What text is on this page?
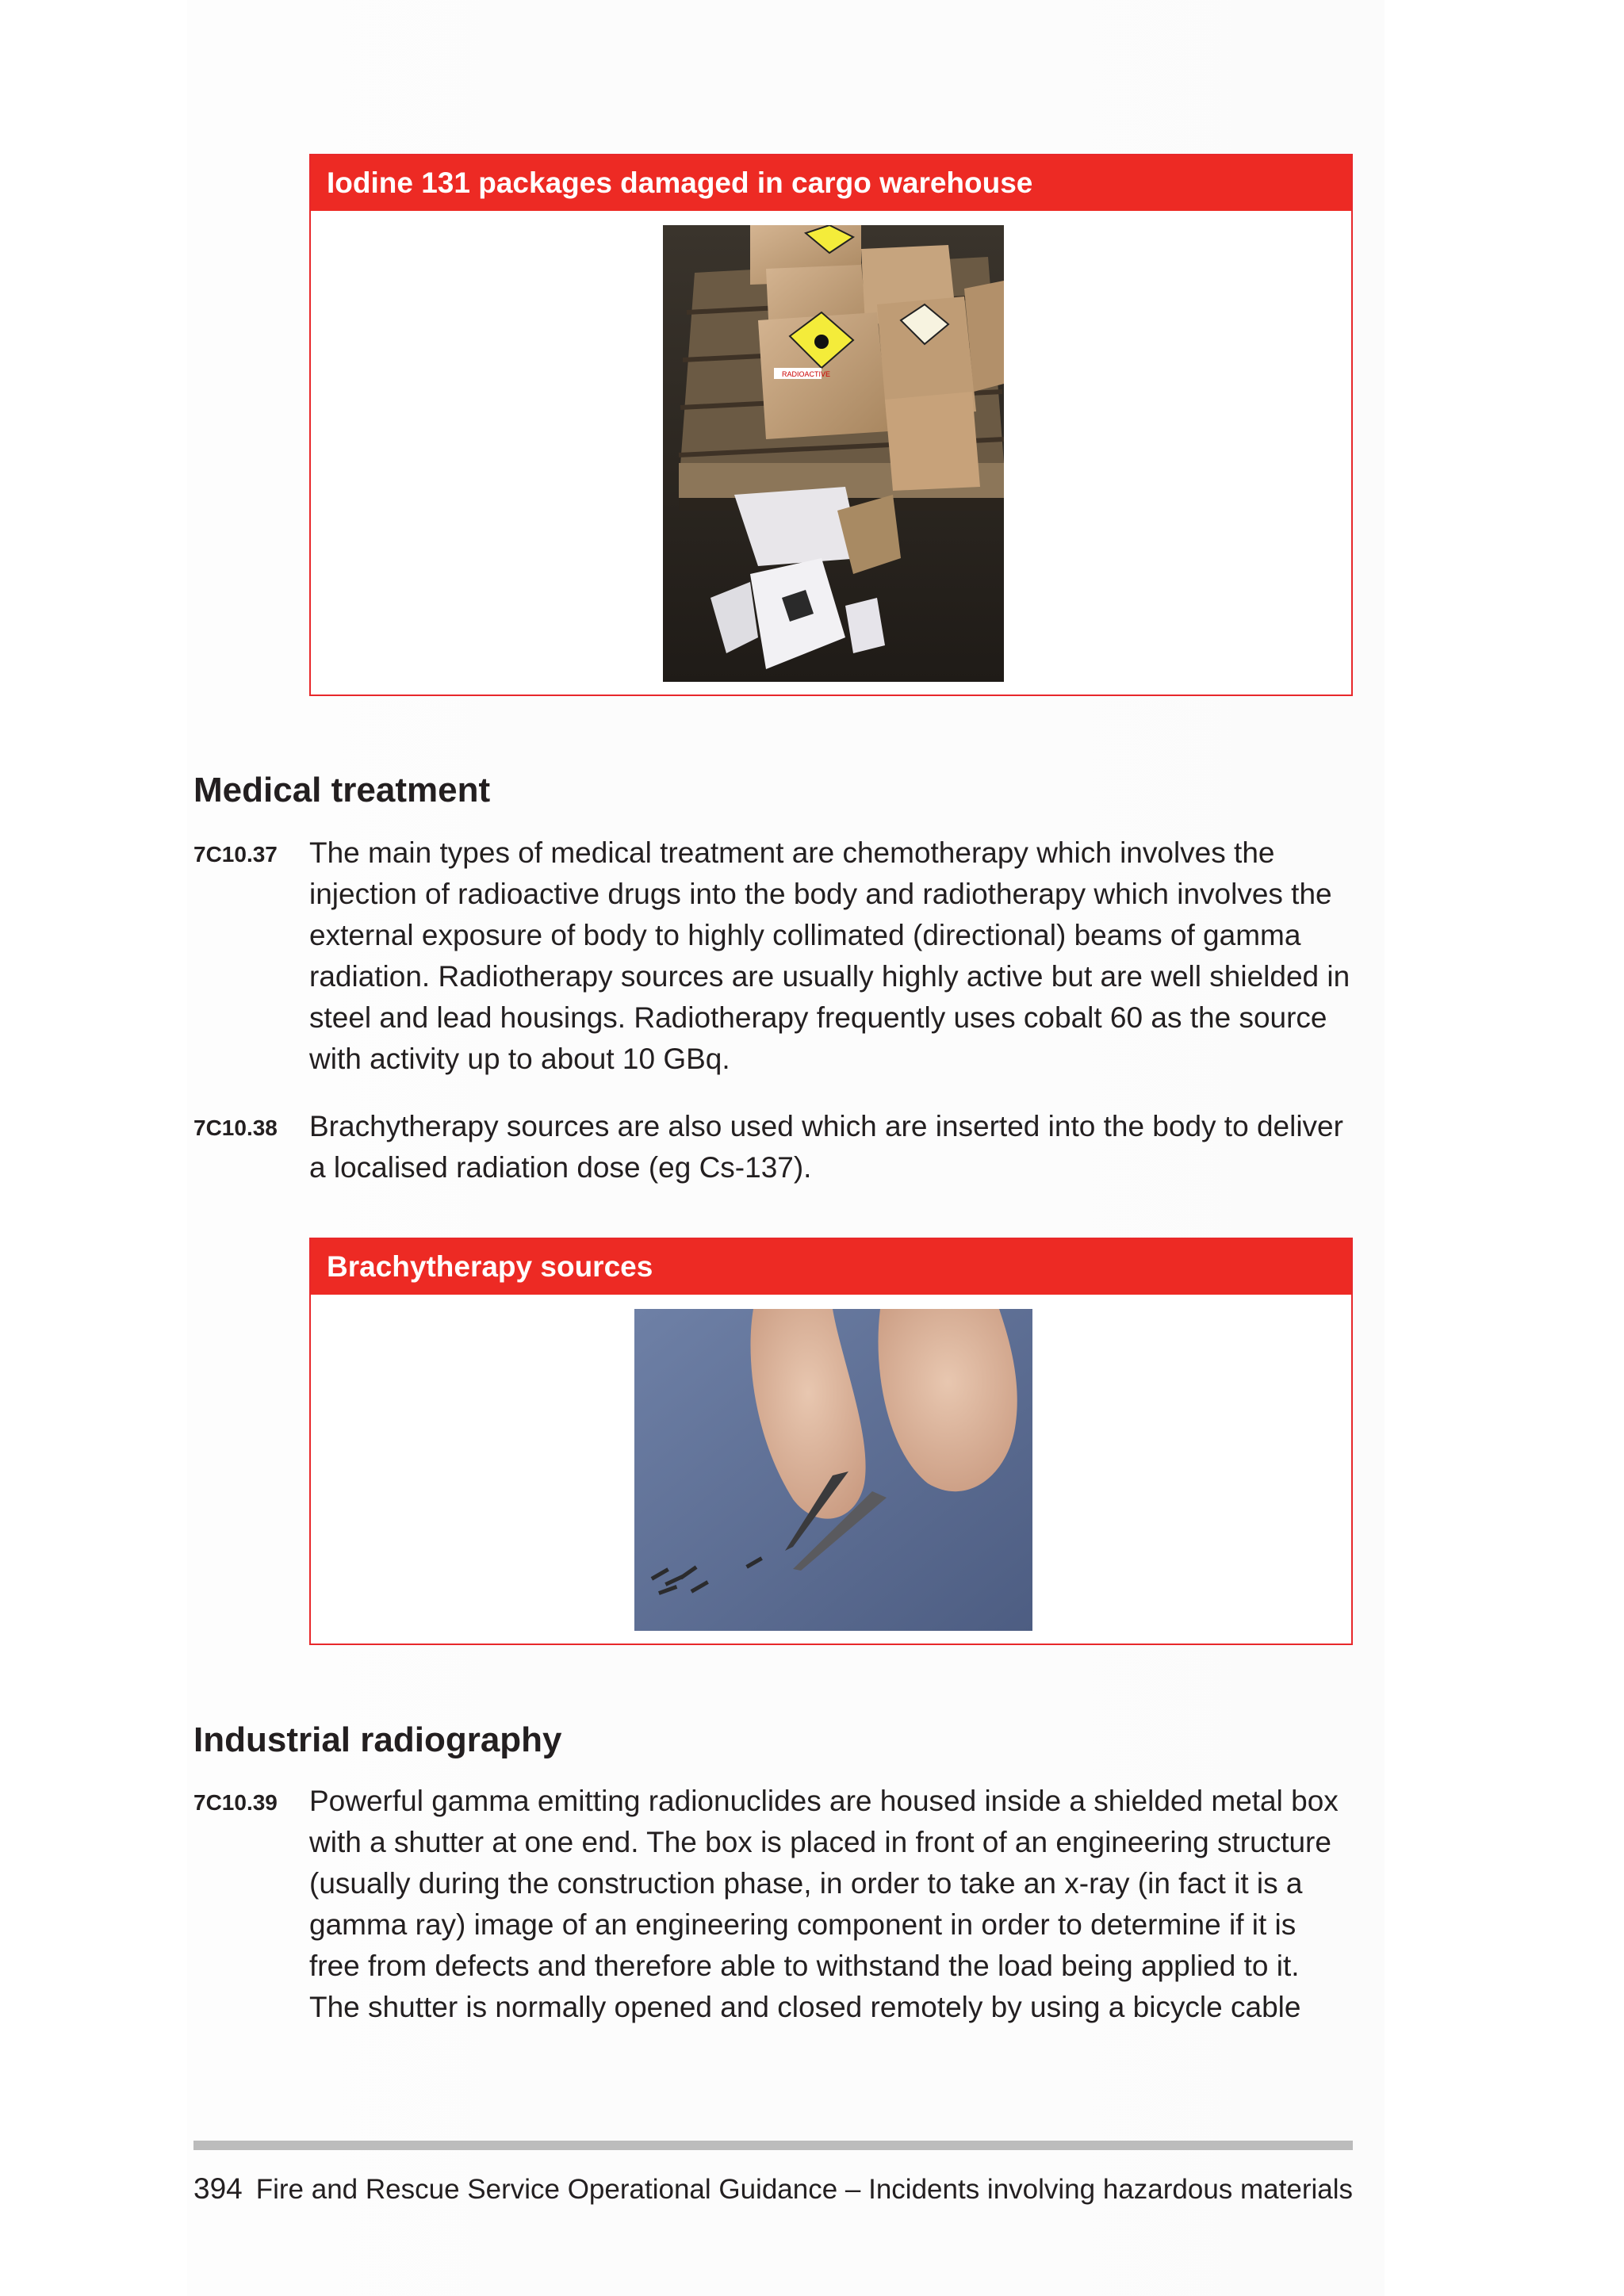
Iodine 131 packages damaged in cargo warehouse
RADIOACTIVE
Medical treatment
7C10.37 The main types of medical treatment are chemotherapy which involves the
injection of radioactive drugs into the body and radiotherapy which involves the
external exposure of body to highly collimated (directional) beams of gamma
radiation. Radiotherapy sources are usually highly active but are well shielded in
steel and lead housings. Radiotherapy frequently uses cobalt 60 as the source
with activity up to about 10 GBq.
7C10.38 Brachytherapy sources are also used which are inserted into the body to deliver
a localised radiation dose (eg Cs-137).
Brachytherapy sources
Industrial radiography
7C10.39 Powerful gamma emitting radionuclides are housed inside a shielded metal box
with a shutter at one end. The box is placed in front of an engineering structure
(usually during the construction phase, in order to take an x-ray (in fact it is a
gamma ray) image of an engineering component in order to determine if it is
free from defects and therefore able to withstand the load being applied to it.
The shutter is normally opened and closed remotely by using a bicycle cable
394 Fire and Rescue Service Operational Guidance – Incidents involving hazardous materials
